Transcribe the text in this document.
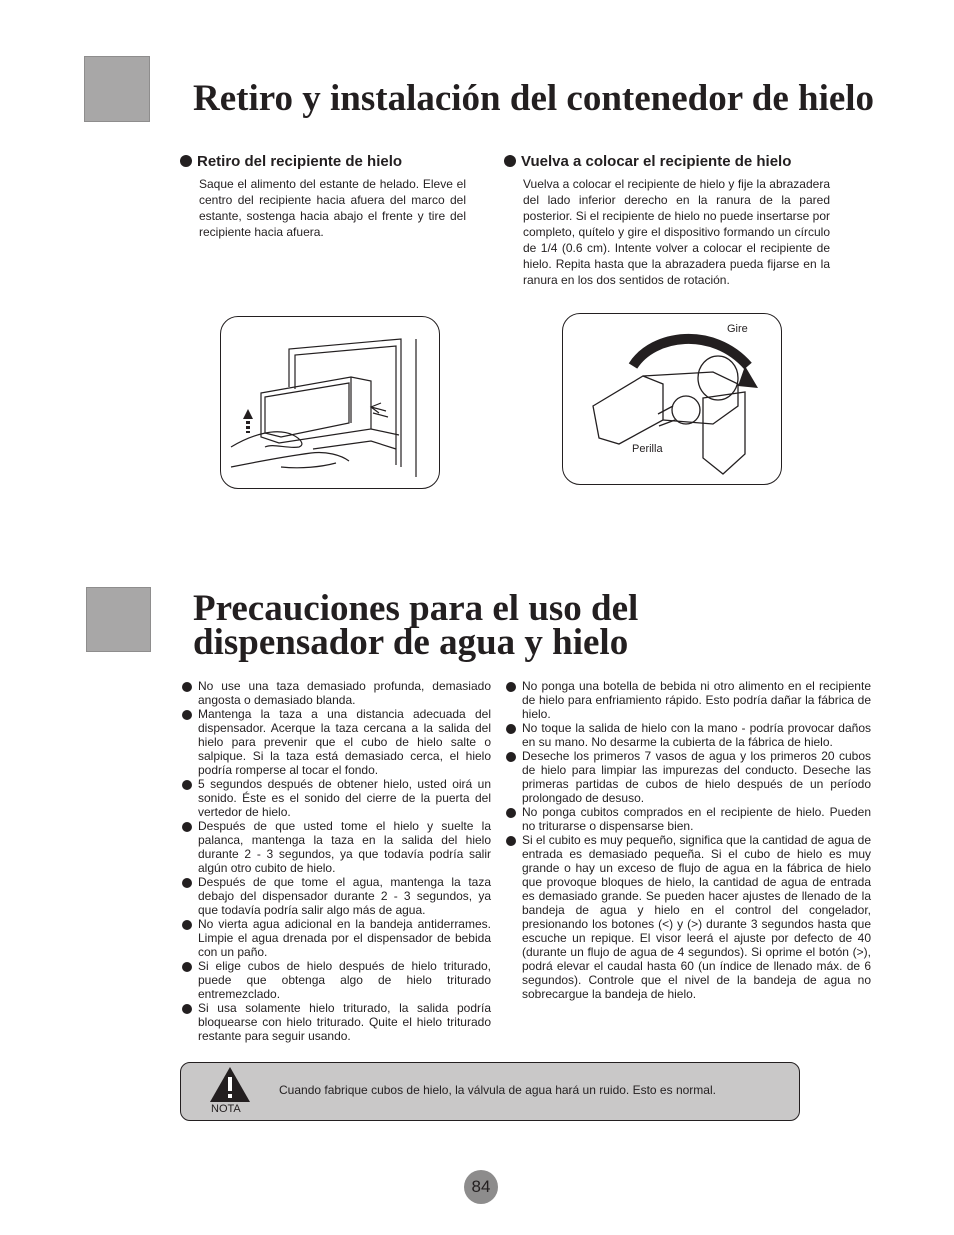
Retiro y instalación del contenedor de hielo
Retiro del recipiente de hielo

Saque el alimento del estante de helado. Eleve el centro del recipiente hacia afuera del marco del estante, sostenga hacia abajo el frente y tire del recipiente hacia afuera.

Vuelva a colocar el recipiente de hielo

Vuelva a colocar el recipiente de hielo y fije la abrazadera del lado inferior derecho en la ranura de la pared posterior. Si el recipiente de hielo no puede insertarse por completo, quítelo y gire el dispositivo formando un círculo de 1/4 (0.6 cm). Intente volver a colocar el recipiente de hielo. Repita hasta que la abrazadera pueda fijarse en la ranura en los dos sentidos de rotación.

Gire
Perilla
Precauciones para el uso del dispensador de agua y hielo
No use una taza demasiado profunda, demasiado angosta o demasiado blanda.
Mantenga la taza a una distancia adecuada del dispensador. Acerque la taza cercana a la salida del hielo para prevenir que el cubo de hielo salte o salpique. Si la taza está demasiado cerca, el hielo podría romperse al tocar el fondo.
5 segundos después de obtener hielo, usted oirá un sonido. Éste es el sonido del cierre de la puerta del vertedor de hielo.
Después de que usted tome el hielo y suelte la palanca, mantenga la taza en la salida del hielo durante 2 - 3 segundos, ya que todavía podría salir algún otro cubito de hielo.
Después de que tome el agua, mantenga la taza debajo del dispensador durante 2 - 3 segundos, ya que todavía podría salir algo más de agua.
No vierta agua adicional en la bandeja antiderrames. Limpie el agua drenada por el dispensador de bebida con un paño.
Si elige cubos de hielo después de hielo triturado, puede que obtenga algo de hielo triturado entremezclado.
Si usa solamente hielo triturado, la salida podría bloquearse con hielo triturado. Quite el hielo triturado restante para seguir usando.
No ponga una botella de bebida ni otro alimento en el recipiente de hielo para enfriamiento rápido. Esto podría dañar la fábrica de hielo.
No toque la salida de hielo con la mano - podría provocar daños en su mano. No desarme la cubierta de la fábrica de hielo.
Deseche los primeros 7 vasos de agua y los primeros 20 cubos de hielo para limpiar las impurezas del conducto. Deseche las primeras partidas de cubos de hielo después de un período prolongado de desuso.
No ponga cubitos comprados en el recipiente de hielo. Pueden no triturarse o dispensarse bien.
Si el cubito es muy pequeño, significa que la cantidad de agua de entrada es demasiado pequeña. Si el cubo de hielo es muy grande o hay un exceso de flujo de agua en la fábrica de hielo que provoque bloques de hielo, la cantidad de agua de entrada es demasiado grande. Se pueden hacer ajustes de llenado de la bandeja de agua y hielo en el control del congelador, presionando los botones (<) y (>) durante 3 segundos hasta que escuche un repique. El visor leerá el ajuste por defecto de 40 (durante un flujo de agua de 4 segundos). Si oprime el botón (>), podrá elevar el caudal hasta 60 (un índice de llenado máx. de 6 segundos). Controle que el nivel de la bandeja de agua no sobrecargue la bandeja de hielo.
NOTA
Cuando fabrique cubos de hielo, la válvula de agua hará un ruido. Esto es normal.
84
